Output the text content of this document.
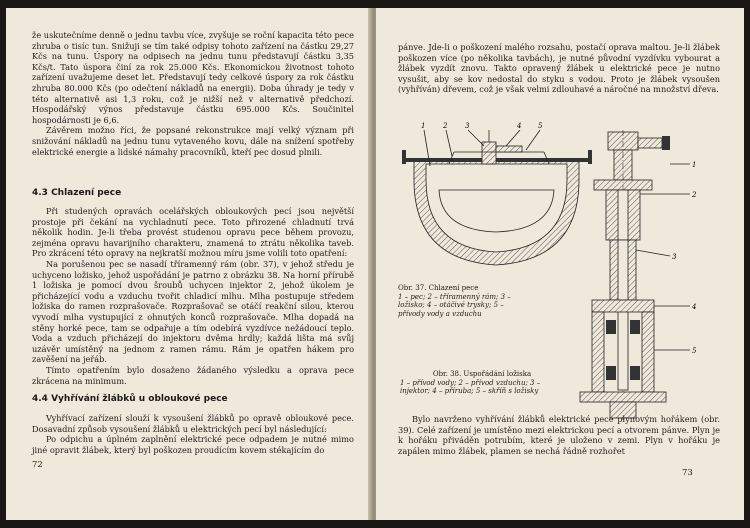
že uskutečníme denně o jednu tavbu více, zvyšuje se roční kapacita této pece zhruba o tisíc tun. Snižuji se tím také odpisy tohoto zařízení na částku 29,27 Kčs na tunu. Úspory na odpisech na jednu tunu představují částku 3,35 Kčs/t. Tato úspora činí za rok 25.000 Kčs. Ekonomickou životnost tohoto zařízení uvažujeme deset let. Představují tedy celkové úspory za rok částku zhruba 80.000 Kčs (po odečtení nákladů na energii). Doba úhrady je tedy v této alternativě asi 1,3 roku, což je nižší než v alternativě předchozí. Hospodářský výnos představuje částku 695.000 Kčs. Součinitel hospodárnosti je 6,6.

Závěrem možno říci, že popsané rekonstrukce mají velký význam při snižování nákladů na jednu tunu vytaveného kovu, dále na snížení spotřeby elektrické energie a lidské námahy pracovníků, kteří pec dosud plnili.

4.3 Chlazení pece

Při studených opravách ocelářských obloukových pecí jsou největší prostoje při čekání na vychladnutí pece. Toto přirozené chladnutí trvá několik hodin. Je-li třeba provést studenou opravu pece během provozu, zejména opravu havarijního charakteru, znamená to ztrátu několika taveb. Pro zkrácení této opravy na nejkratší možnou míru jsme volili toto opatření:

Na porušenou pec se nasadí tříramenný rám (obr. 37), v jehož středu je uchyceno ložisko, jehož uspořádání je patrno z obrázku 38. Na horní přírubě 1 ložiska je pomocí dvou šroubů uchycen injektor 2, jehož úkolem je přicházející vodu a vzduchu tvořit chladicí mlhu. Mlha postupuje středem ložiska do ramen rozprašovače. Rozprašovač se otáčí reakční silou, kterou vyvodí mlha vystupující z ohnutých konců rozprašovače. Mlha dopadá na stěny horké pece, tam se odpařuje a tím odebírá vyzdívce nežádoucí teplo. Voda a vzduch přicházejí do injektoru dvěma hrdly; každá lišta má svůj uzávěr umístěný na jednom z ramen rámu. Rám je opatřen hákem pro zavěšení na jeřáb.

Tímto opatřením bylo dosaženo žádaného výsledku a oprava pece zkrácena na minimum.

4.4 Vyhřívání žlábků u obloukové pece

Vyhřívací zařízení slouží k vysoušení žlábků po opravě obloukové pece. Dosavadní způsob vysoušení žlábků u elektrických pecí byl následující:

Po odpichu a úplném zaplnění elektrické pece odpadem je nutné mimo jiné opravit žlábek, který byl poškozen proudícím kovem stékajícím do

72

pánve. Jde-li o poškození malého rozsahu, postačí oprava maltou. Je-li žlábek poškozen více (po několika tavbách), je nutné původní vyzdívku vybourat a žlábek vyzdít znovu. Takto opravený žlábek u elektrické pece je nutno vysušit, aby se kov nedostal do styku s vodou. Proto je žlábek vysoušen (vyhříván) dřevem, což je však velmi zdlouhavé a náročné na množství dřeva.

1	2	3	4 5
Obr. 37. Chlazení pece
1 – pec; 2 – tříramenný rám; 3 – ložisko; 4 – otáčivé trysky; 5 – přívody vody a vzduchu
1
2
3
4
5
Obr. 38. Uspořádání ložiska
1 – přívod vody; 2 – přívod vzduchu; 3 – injektor; 4 – příruba; 5 – skříň s ložisky

Bylo navrženo vyhřívání žlábků elektrické pece plynovým hořákem (obr. 39). Celé zařízení je umístěno mezi elektrickou pecí a otvorem pánve. Plyn je k hořáku přiváděn potrubím, které je uloženo v zemi. Plyn v hořáku je zapálen mimo žlábek, plamen se nechá řádně rozhořet

73
